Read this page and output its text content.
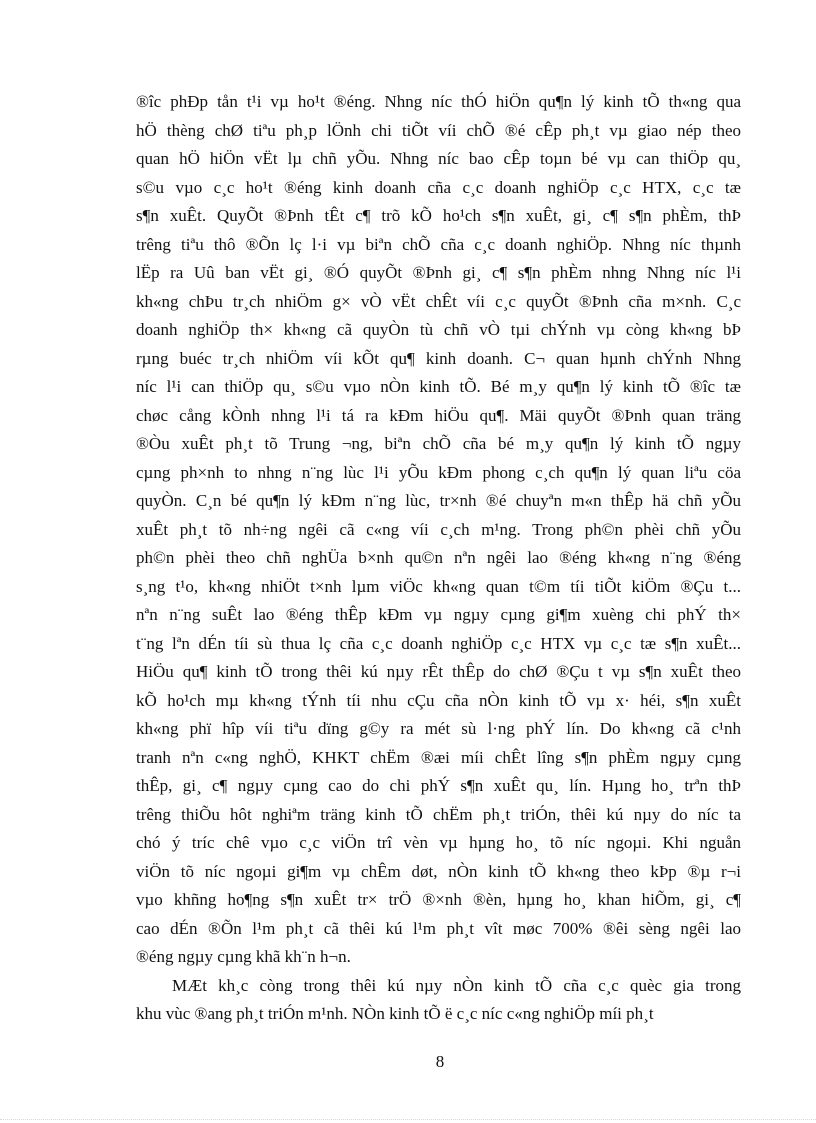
®îc phÐp tån t¹i vµ ho¹t ®éng. Nhng níc thÓ hiÖn qu¶n lý kinh tÕ th«ng qua
hÖ thèng chØ tiªu ph¸p lÖnh chi tiÕt víi chÕ ®é cÊp ph¸t vµ giao nép theo
quan hÖ hiÖn vËt lµ chñ yÕu. Nhng níc bao cÊp toµn bé vµ can thiÖp qu¸
s©u vµo c¸c ho¹t ®éng kinh doanh cña c¸c doanh nghiÖp c¸c HTX, c¸c tæ
s¶n xuÊt. QuyÕt ®Þnh tÊt c¶ trõ kÕ ho¹ch s¶n xuÊt, gi¸ c¶ s¶n phÈm, thÞ
trêng tiªu thô ®Õn lç l·i vµ biªn chÕ cña c¸c doanh nghiÖp. Nhng níc thµnh
lËp ra Uû ban vËt gi¸ ®Ó quyÕt ®Þnh gi¸ c¶ s¶n phÈm nhng Nhng níc l¹i
kh«ng chÞu tr¸ch nhiÖm g× vÒ vËt chÊt víi c¸c quyÕt ®Þnh cña m×nh. C¸c
doanh nghiÖp th× kh«ng cã quyÒn tù chñ vÒ tµi chÝnh vµ còng kh«ng bÞ
rµng buéc tr¸ch nhiÖm víi kÕt qu¶ kinh doanh. C¬ quan hµnh chÝnh Nhng
níc l¹i can thiÖp qu¸ s©u vµo nÒn kinh tÕ. Bé m¸y qu¶n lý kinh tÕ ®îc tæ
chøc cång kÒnh nhng l¹i tá ra kÐm hiÖu qu¶. Mäi quyÕt ®Þnh quan träng
®Òu xuÊt ph¸t tõ Trung ¬ng, biªn chÕ cña bé m¸y qu¶n lý kinh tÕ ngµy
cµng ph×nh to nhng n¨ng lùc l¹i yÕu kÐm phong c¸ch qu¶n lý quan liªu cöa
quyÒn. C¸n bé qu¶n lý kÐm n¨ng lùc, tr×nh ®é chuyªn m«n thÊp hä chñ yÕu
xuÊt ph¸t tõ nh÷ng ngêi cã c«ng víi c¸ch m¹ng. Trong ph©n phèi chñ yÕu
ph©n phèi theo chñ nghÜa b×nh qu©n nªn ngêi lao ®éng kh«ng n¨ng ®éng
s¸ng t¹o, kh«ng nhiÖt t×nh lµm viÖc kh«ng quan t©m tíi tiÕt kiÖm ®Çu t...
nªn n¨ng suÊt lao ®éng thÊp kÐm vµ ngµy cµng gi¶m xuèng chi phÝ th×
t¨ng lªn dÉn tíi sù thua lç cña c¸c doanh nghiÖp c¸c HTX vµ c¸c tæ s¶n xuÊt...
HiÖu qu¶ kinh tÕ trong thêi kú nµy rÊt thÊp do chØ ®Çu t vµ s¶n xuÊt theo
kÕ ho¹ch mµ kh«ng tÝnh tíi nhu cÇu cña nÒn kinh tÕ vµ x· héi, s¶n xuÊt
kh«ng phï hîp víi tiªu dïng g©y ra mét sù l·ng phÝ lín. Do kh«ng cã c¹nh
tranh nªn c«ng nghÖ, KHKT chËm ®æi míi chÊt lîng s¶n phÈm ngµy cµng
thÊp, gi¸ c¶ ngµy cµng cao do chi phÝ s¶n xuÊt qu¸ lín. Hµng ho¸ trªn thÞ
trêng thiÕu hôt nghiªm träng kinh tÕ chËm ph¸t triÓn, thêi kú nµy do níc ta
chó ý tríc chê vµo c¸c viÖn trî vèn vµ hµng ho¸ tõ níc ngoµi. Khi nguån
viÖn tõ níc ngoµi gi¶m vµ chÊm døt, nÒn kinh tÕ kh«ng theo kÞp ®µ r¬i
vµo khñng ho¶ng s¶n xuÊt tr× trÖ ®×nh ®èn, hµng ho¸ khan hiÕm, gi¸ c¶
cao dÉn ®Õn l¹m ph¸t cã thêi kú l¹m ph¸t vît møc 700% ®êi sèng ngêi lao
®éng ngµy cµng khã kh¨n h¬n.
MÆt kh¸c còng trong thêi kú nµy nÒn kinh tÕ cña c¸c quèc gia trong
khu vùc ®ang ph¸t triÓn m¹nh. NÒn kinh tÕ ë c¸c níc c«ng nghiÖp míi ph¸t
8
